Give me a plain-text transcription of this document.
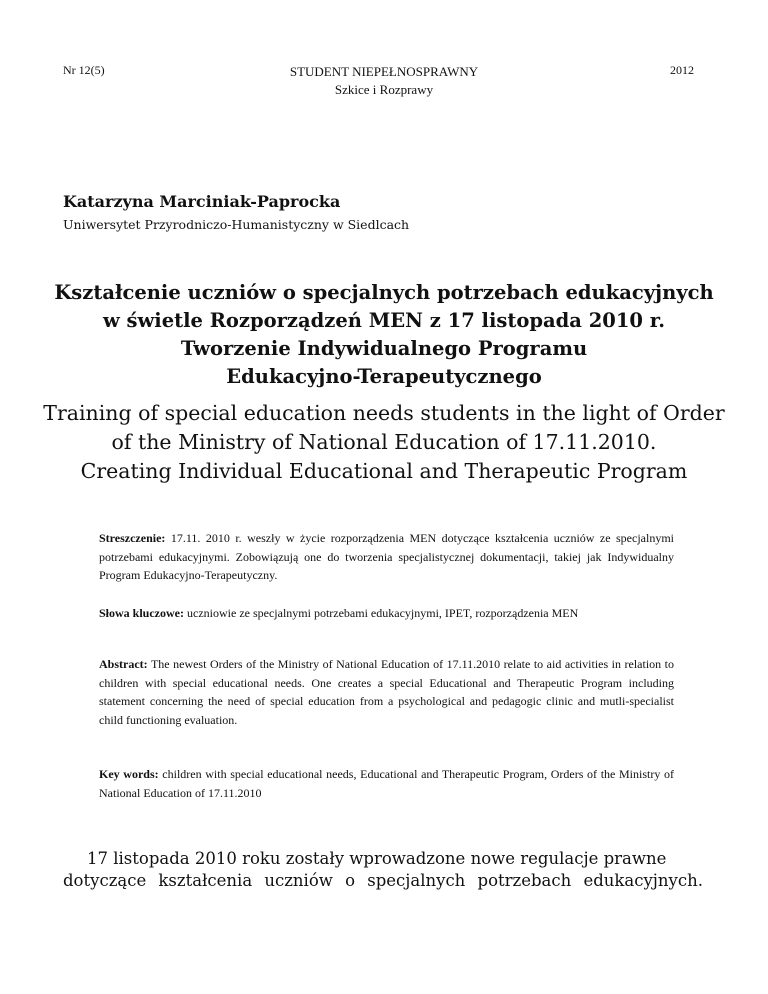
Nr 12(5)	STUDENT NIEPEŁNOSPRAWNY
Szkice i Rozprawy
2012
Katarzyna Marciniak-Paprocka
Uniwersytet Przyrodniczo-Humanistyczny w Siedlcach
Kształcenie uczniów o specjalnych potrzebach edukacyjnych
w świetle Rozporządzeń MEN z 17 listopada 2010 r.
Tworzenie Indywidualnego Programu
Edukacyjno-Terapeutycznego
Training of special education needs students in the light of Order
of the Ministry of National Education of 17.11.2010.
Creating Individual Educational and Therapeutic Program
Streszczenie: 17.11. 2010 r. weszły w życie rozporządzenia MEN dotyczące kształcenia uczniów ze specjalnymi potrzebami edukacyjnymi. Zobowiązują one do tworzenia specjalistycznej dokumentacji, takiej jak Indywidualny Program Edukacyjno-Terapeutyczny.
Słowa kluczowe: uczniowie ze specjalnymi potrzebami edukacyjnymi, IPET, rozporządzenia MEN
Abstract: The newest Orders of the Ministry of National Education of 17.11.2010 relate to aid activities in relation to children with special educational needs. One creates a special Educational and Therapeutic Program including statement concerning the need of special education from a psychological and pedagogic clinic and mutli-specialist child functioning evaluation.
Key words: children with special educational needs, Educational and Therapeutic Program, Orders of the Ministry of National Education of 17.11.2010
17 listopada 2010 roku zostały wprowadzone nowe regulacje prawne
dotyczące kształcenia uczniów o specjalnych potrzebach edukacyjnych.
